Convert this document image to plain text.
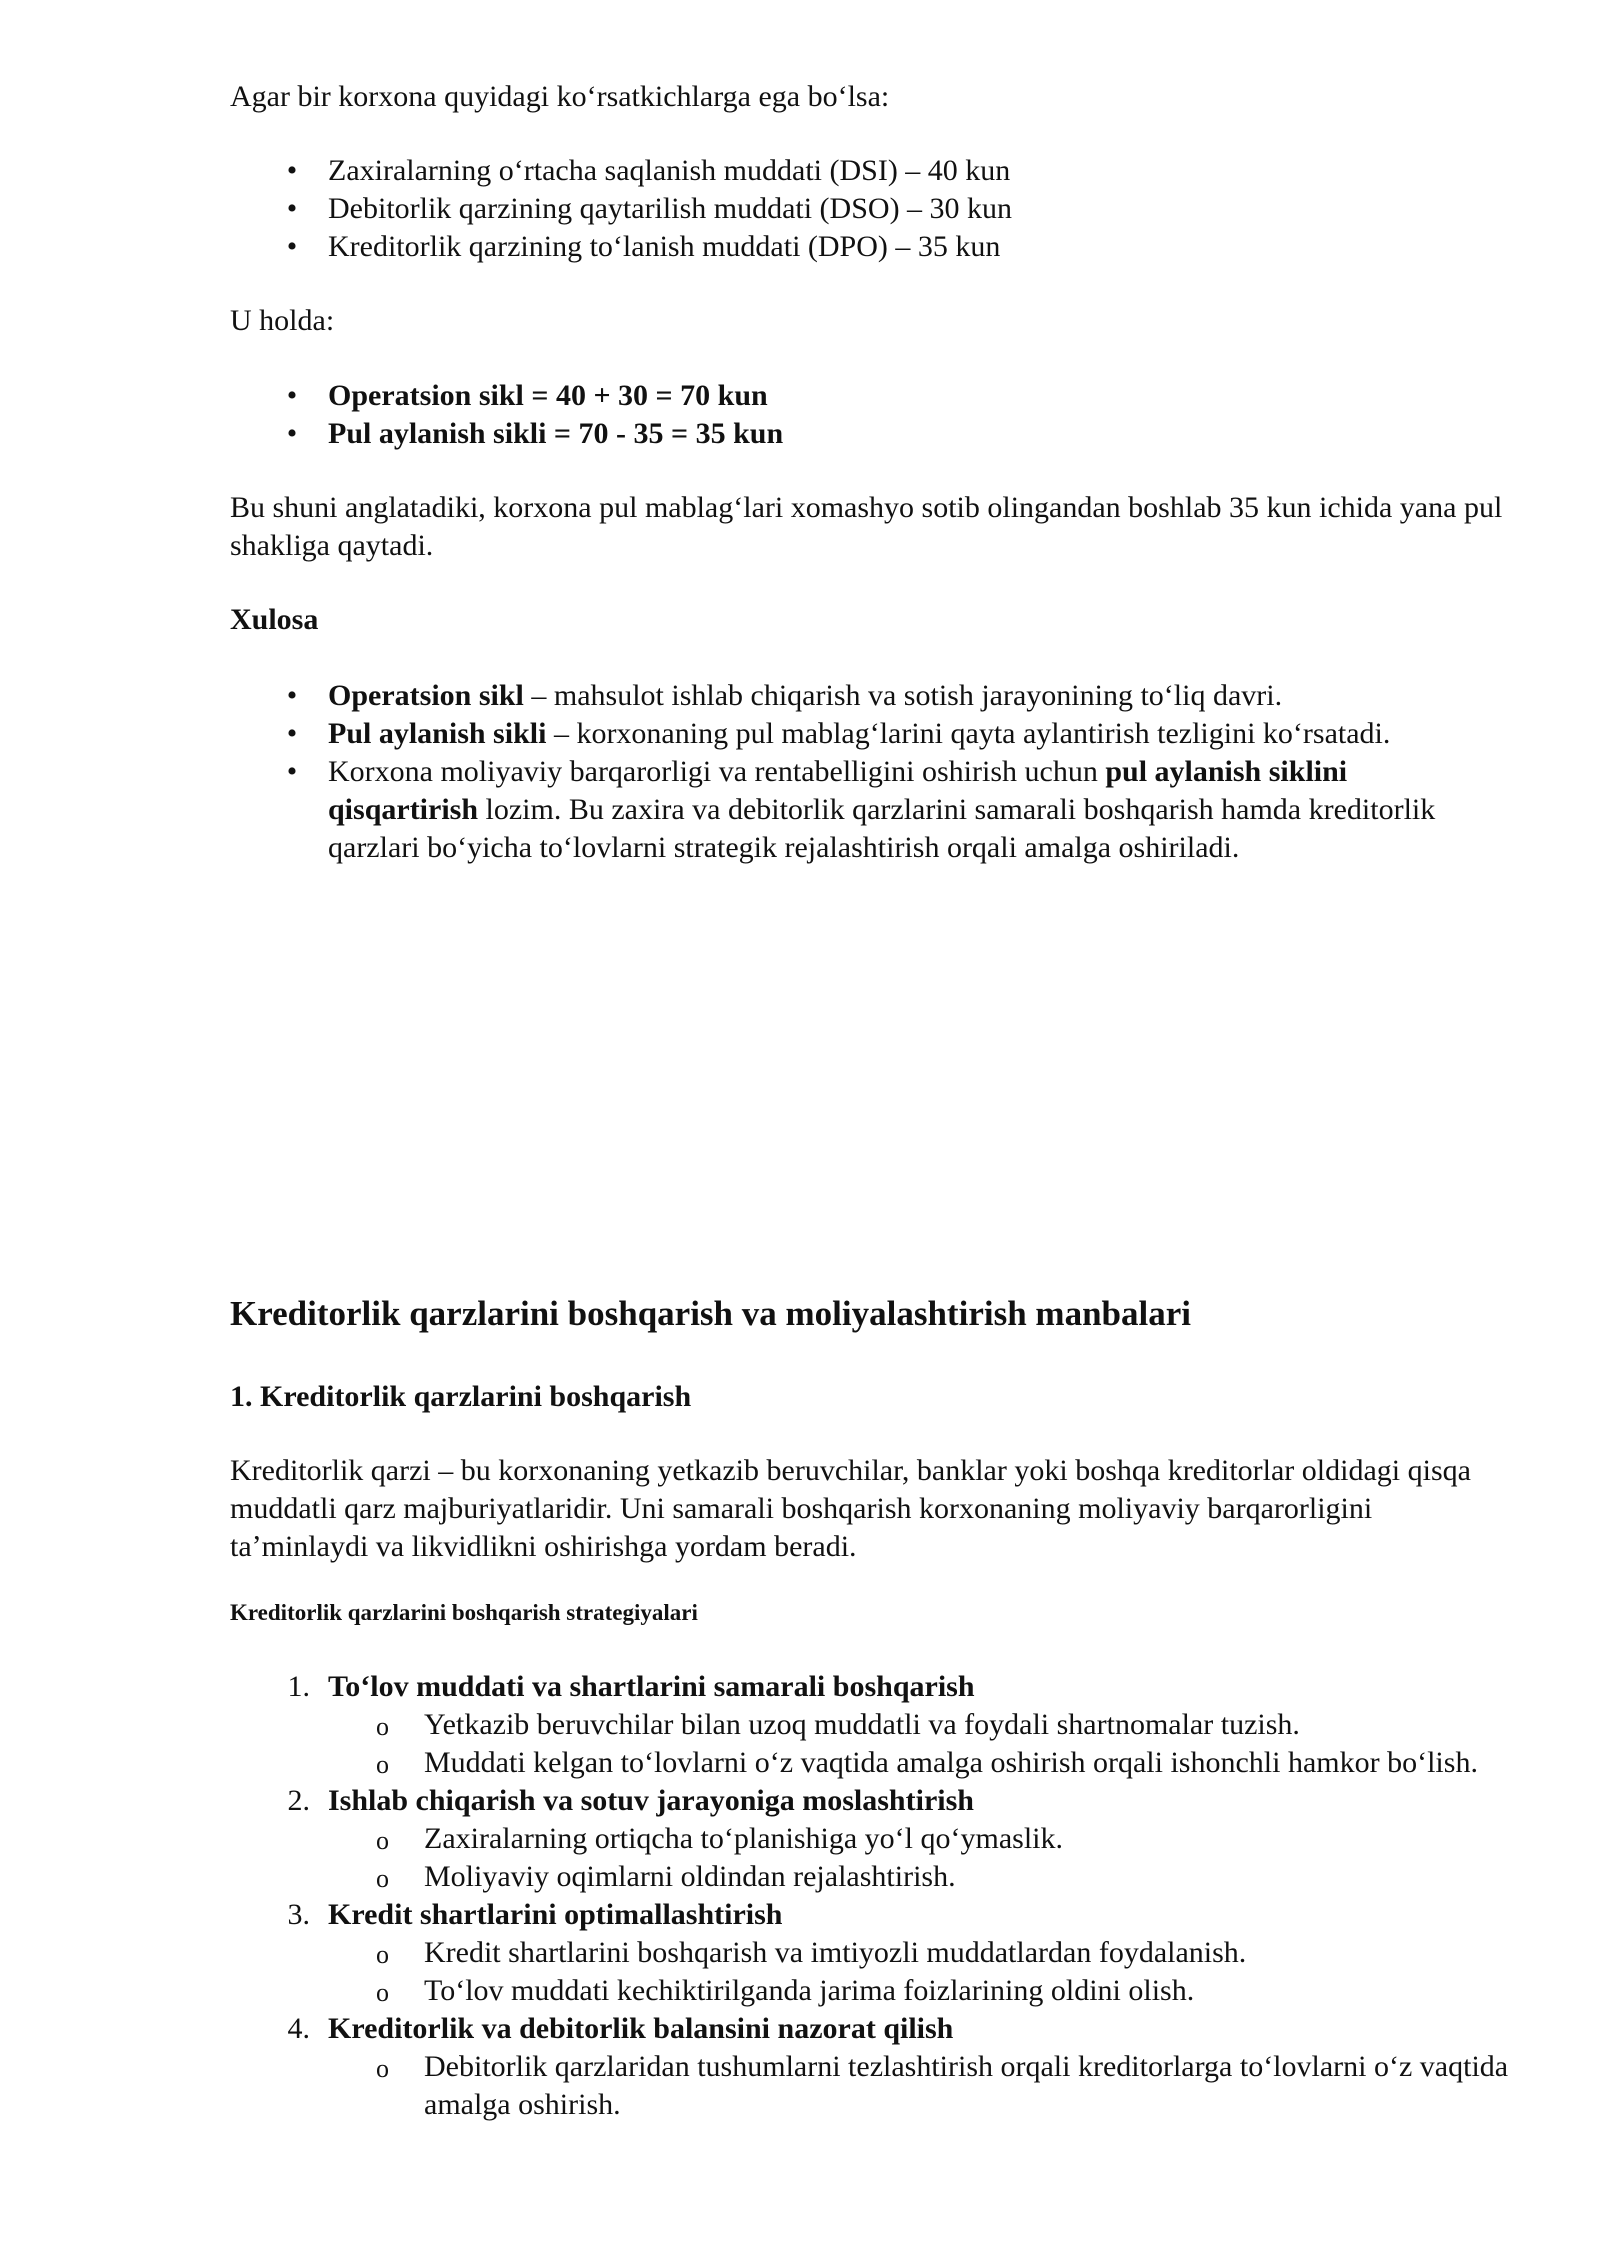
Agar bir korxona quyidagi koʻrsatkichlarga ega boʻlsa:

• Zaxiralarning oʻrtacha saqlanish muddati (DSI) – 40 kun
• Debitorlik qarzining qaytarilish muddati (DSO) – 30 kun
• Kreditorlik qarzining toʻlanish muddati (DPO) – 35 kun

U holda:

• Operatsion sikl = 40 + 30 = 70 kun
• Pul aylanish sikli = 70 - 35 = 35 kun

Bu shuni anglatadiki, korxona pul mablagʻlari xomashyo sotib olingandan boshlab 35 kun ichida yana pul shakliga qaytadi.

Xulosa

• Operatsion sikl – mahsulot ishlab chiqarish va sotish jarayonining toʻliq davri.
• Pul aylanish sikli – korxonaning pul mablagʻlarini qayta aylantirish tezligini koʻrsatadi.
• Korxona moliyaviy barqarorligi va rentabelligini oshirish uchun pul aylanish siklini qisqartirish lozim. Bu zaxira va debitorlik qarzlarini samarali boshqarish hamda kreditorlik qarzlari boʻyicha toʻlovlarni strategik rejalashtirish orqali amalga oshiriladi.
Kreditorlik qarzlarini boshqarish va moliyalashtirish manbalari
1. Kreditorlik qarzlarini boshqarish

Kreditorlik qarzi – bu korxonaning yetkazib beruvchilar, banklar yoki boshqa kreditorlar oldidagi qisqa muddatli qarz majburiyatlaridir. Uni samarali boshqarish korxonaning moliyaviy barqarorligini taʼminlaydi va likvidlikni oshirishga yordam beradi.

Kreditorlik qarzlarini boshqarish strategiyalari
1. Toʻlov muddati va shartlarini samarali boshqarish
o Yetkazib beruvchilar bilan uzoq muddatli va foydali shartnomalar tuzish.
o Muddati kelgan toʻlovlarni oʻz vaqtida amalga oshirish orqali ishonchli hamkor boʻlish.
2. Ishlab chiqarish va sotuv jarayoniga moslashtirish
o Zaxiralarning ortiqcha toʻplanishiga yoʻl qoʻymaslik.
o Moliyaviy oqimlarni oldindan rejalashtirish.
3. Kredit shartlarini optimallashtirish
o Kredit shartlarini boshqarish va imtiyozli muddatlardan foydalanish.
o Toʻlov muddati kechiktirilganda jarima foizlarining oldini olish.
4. Kreditorlik va debitorlik balansini nazorat qilish
o Debitorlik qarzlaridan tushumlarni tezlashtirish orqali kreditorlarga toʻlovlarni oʻz vaqtida amalga oshirish.
